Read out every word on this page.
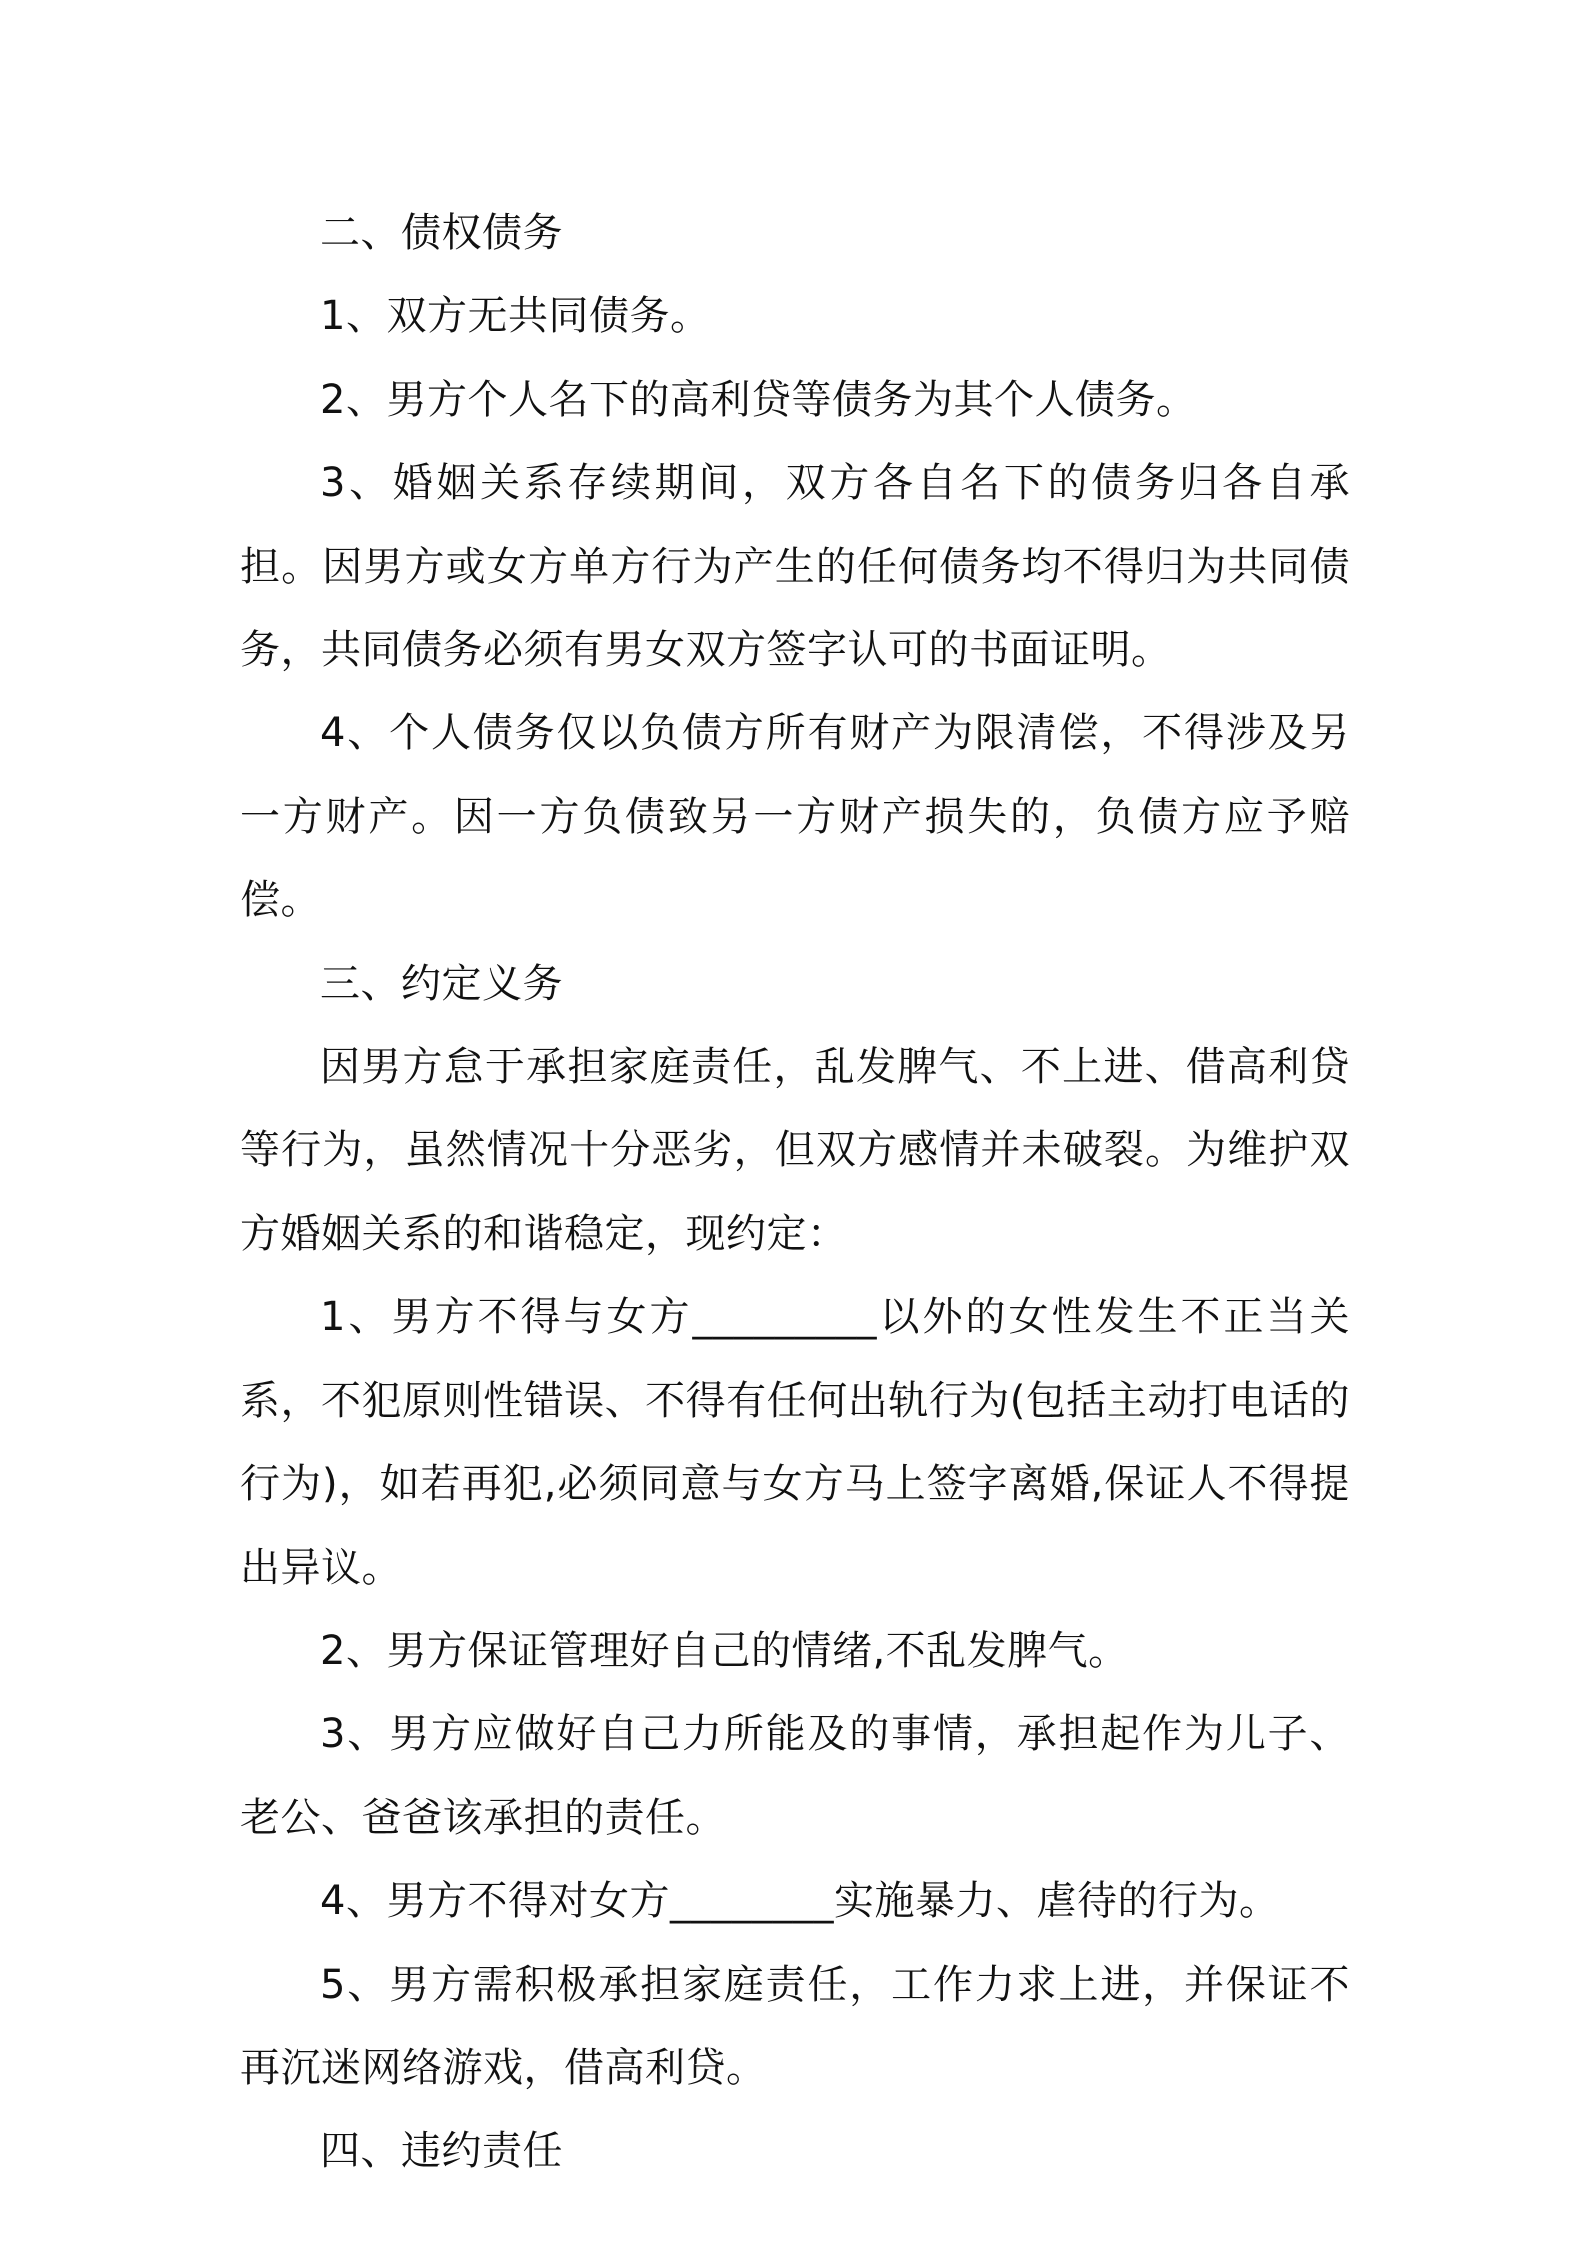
二、债权债务

1、双方无共同债务。

2、男方个人名下的高利贷等债务为其个人债务。

3、婚姻关系存续期间，双方各自名下的债务归各自承担。因男方或女方单方行为产生的任何债务均不得归为共同债务，共同债务必须有男女双方签字认可的书面证明。

4、个人债务仅以负债方所有财产为限清偿，不得涉及另一方财产。因一方负债致另一方财产损失的，负债方应予赔偿。

三、约定义务

因男方怠于承担家庭责任，乱发脾气、不上进、借高利贷等行为，虽然情况十分恶劣，但双方感情并未破裂。为维护双方婚姻关系的和谐稳定，现约定：

1、男方不得与女方_________以外的女性发生不正当关系，不犯原则性错误、不得有任何出轨行为(包括主动打电话的行为)，如若再犯,必须同意与女方马上签字离婚,保证人不得提出异议。

2、男方保证管理好自己的情绪,不乱发脾气。

3、男方应做好自己力所能及的事情，承担起作为儿子、老公、爸爸该承担的责任。

4、男方不得对女方________实施暴力、虐待的行为。

5、男方需积极承担家庭责任，工作力求上进，并保证不再沉迷网络游戏，借高利贷。

四、违约责任
